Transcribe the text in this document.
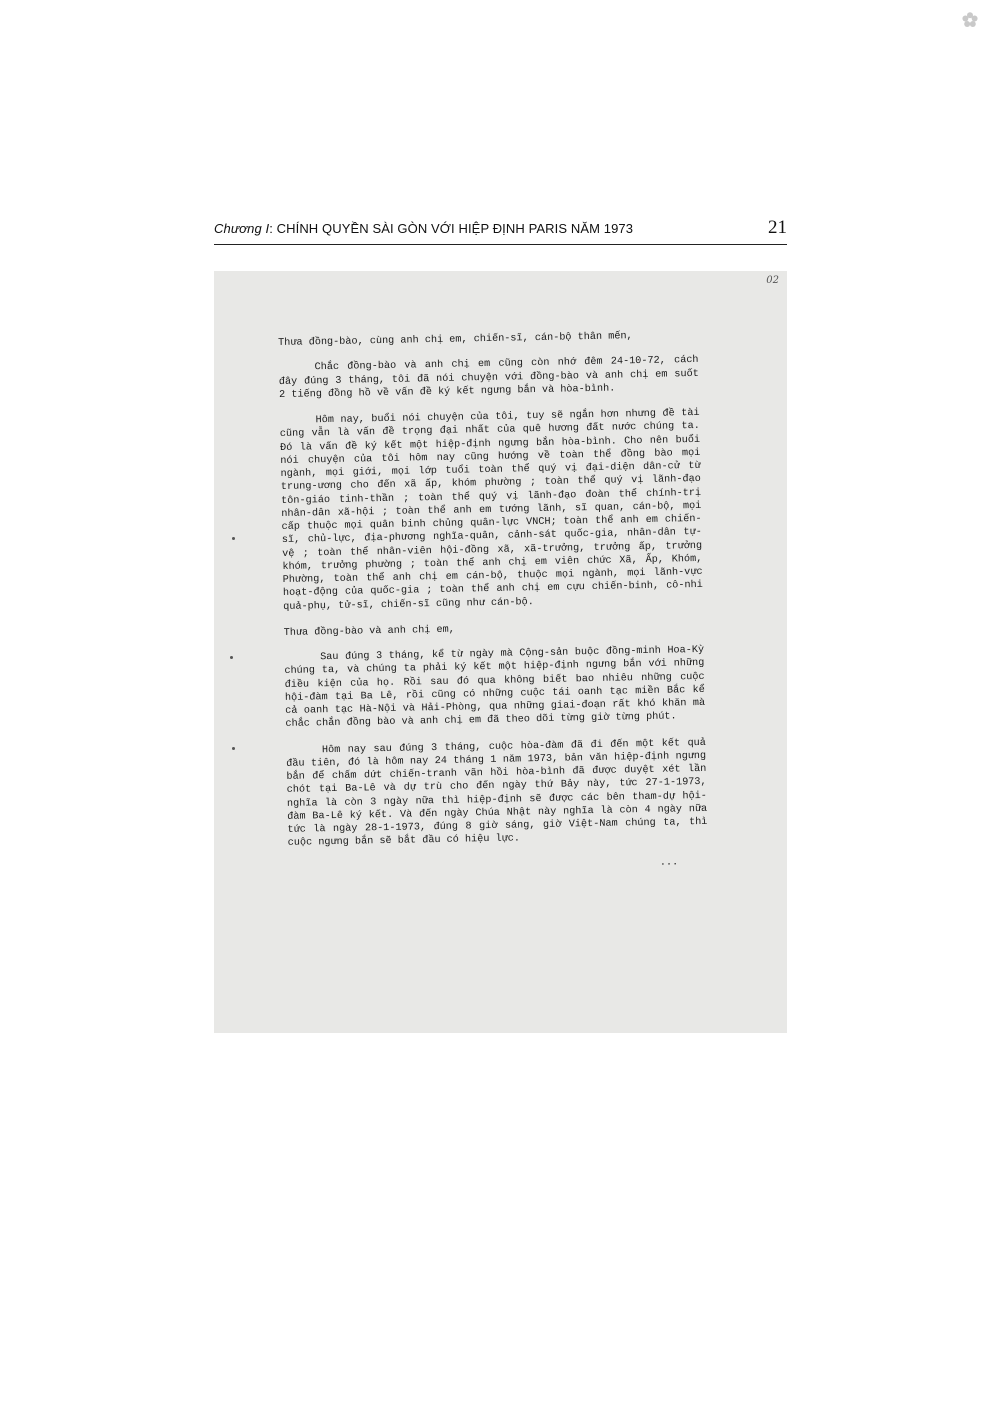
Chương I: CHÍNH QUYỀN SÀI GÒN VỚI HIỆP ĐỊNH PARIS NĂM 1973	21
02

Thưa đồng-bào, cùng anh chị em, chiến-sĩ, cán-bộ thân mến,

Chắc đồng-bào và anh chị em cũng còn nhớ đêm 24-10-72, cách đây đúng 3 tháng, tôi đã nói chuyện với đồng-bào và anh chị em suốt 2 tiếng đồng hồ về vấn đề ký kết ngưng bắn và hòa-bình.

Hôm nay, buổi nói chuyện của tôi, tuy sẽ ngắn hơn nhưng đề tài cũng vẫn là vấn đề trọng đại nhất của quê hương đất nước chúng ta. Đó là vấn đề ký kết một hiệp-định ngưng bắn hòa-bình. Cho nên buổi nói chuyện của tôi hôm nay cũng hướng về toàn thể đồng bào mọi ngành, mọi giới, mọi lớp tuổi toàn thể quý vị đại-diện dân-cử từ trung-ương cho đến xã ấp, khóm phường ; toàn thể quý vị lãnh-đạo tôn-giáo tinh-thần ; toàn thể quý vị lãnh-đạo đoàn thể chính-trị nhân-dân xã-hội ; toàn thể anh em tướng lãnh, sĩ quan, cán-bộ, mọi cấp thuộc mọi quân binh chủng quân-lực VNCH; toàn thể anh em chiến-sĩ, chủ-lực, địa-phương nghĩa-quân, cảnh-sát quốc-gia, nhân-dân tự-vệ ; toàn thể nhân-viên hội-đồng xã, xã-trưởng, trưởng ấp, trưởng khóm, trưởng phường ; toàn thể anh chị em viên chức Xã, Ấp, Khóm, Phường, toàn thể anh chị em cán-bộ, thuộc mọi ngành, mọi lãnh-vực hoạt-động của quốc-gia ; toàn thể anh chị em cựu chiến-binh, cô-nhi quả-phụ, tử-sĩ, chiến-sĩ cũng như cán-bộ.

Thưa đồng-bào và anh chị em,

Sau đúng 3 tháng, kể từ ngày mà Cộng-sản buộc đồng-minh Hoa-Kỳ chúng ta, và chúng ta phải ký kết một hiệp-định ngưng bắn với những điều kiện của họ. Rồi sau đó qua không biết bao nhiêu những cuộc hội-đàm tại Ba Lê, rồi cũng có những cuộc tái oanh tạc miền Bắc kể cả oanh tạc Hà-Nội và Hải-Phòng, qua những giai-đoạn rất khó khăn mà chắc chắn đồng bào và anh chị em đã theo dõi từng giờ từng phút.

Hôm nay sau đúng 3 tháng, cuộc hòa-đàm đã đi đến một kết quả đầu tiên, đó là hôm nay 24 tháng 1 năm 1973, bản văn hiệp-định ngưng bắn để chấm dứt chiến-tranh vãn hồi hòa-bình đã được duyệt xét lần chót tại Ba-Lê và dự trù cho đến ngày thứ Bảy này, tức 27-1-1973, nghĩa là còn 3 ngày nữa thì hiệp-định sẽ được các bên tham-dự hội-đàm Ba-Lê ký kết. Và đến ngày Chúa Nhật này nghĩa là còn 4 ngày nữa tức là ngày 28-1-1973, đúng 8 giờ sáng, giờ Việt-Nam chúng ta, thì cuộc ngưng bắn sẽ bắt đầu có hiệu lực.

...
